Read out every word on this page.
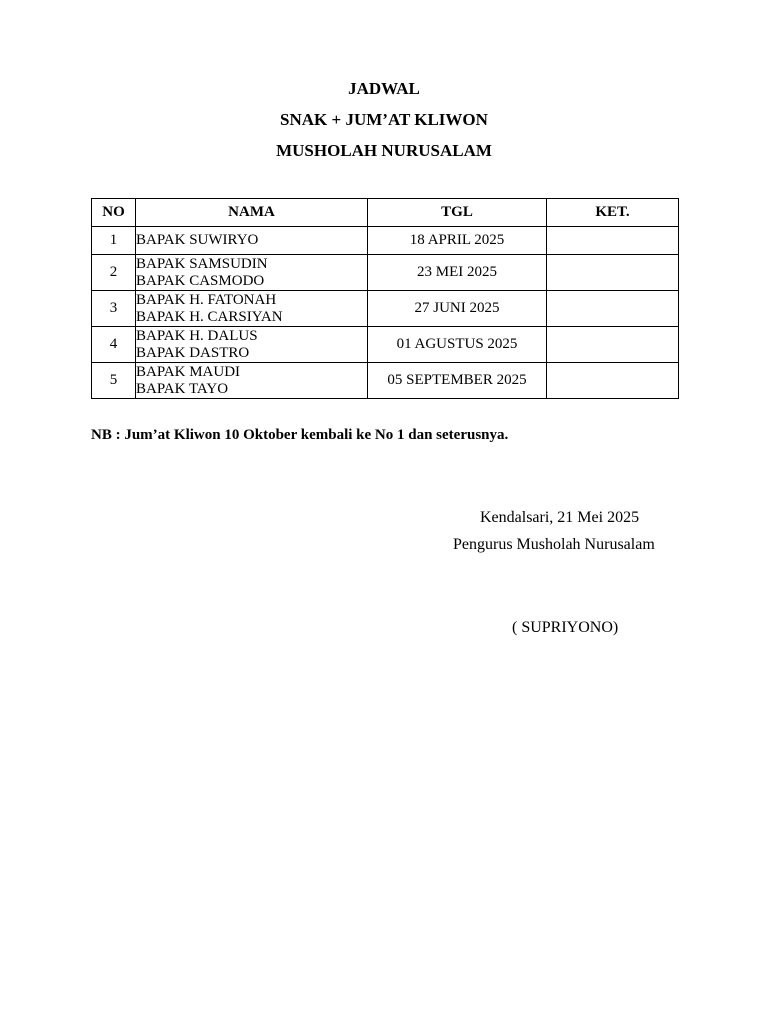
JADWAL
SNAK + JUM’AT KLIWON
MUSHOLAH NURUSALAM
NO	NAMA	TGL	KET.
1	BAPAK SUWIRYO	18 APRIL 2025	
2	BAPAK SAMSUDIN
BAPAK CASMODO	23 MEI 2025	
3	BAPAK H. FATONAH
BAPAK H. CARSIYAN	27 JUNI 2025	
4	BAPAK H. DALUS
BAPAK DASTRO	01 AGUSTUS 2025	
5	BAPAK MAUDI
BAPAK TAYO	05 SEPTEMBER 2025	
NB : Jum’at Kliwon 10 Oktober kembali ke No 1 dan seterusnya.
Kendalsari, 21 Mei 2025
Pengurus Musholah Nurusalam
( SUPRIYONO)
